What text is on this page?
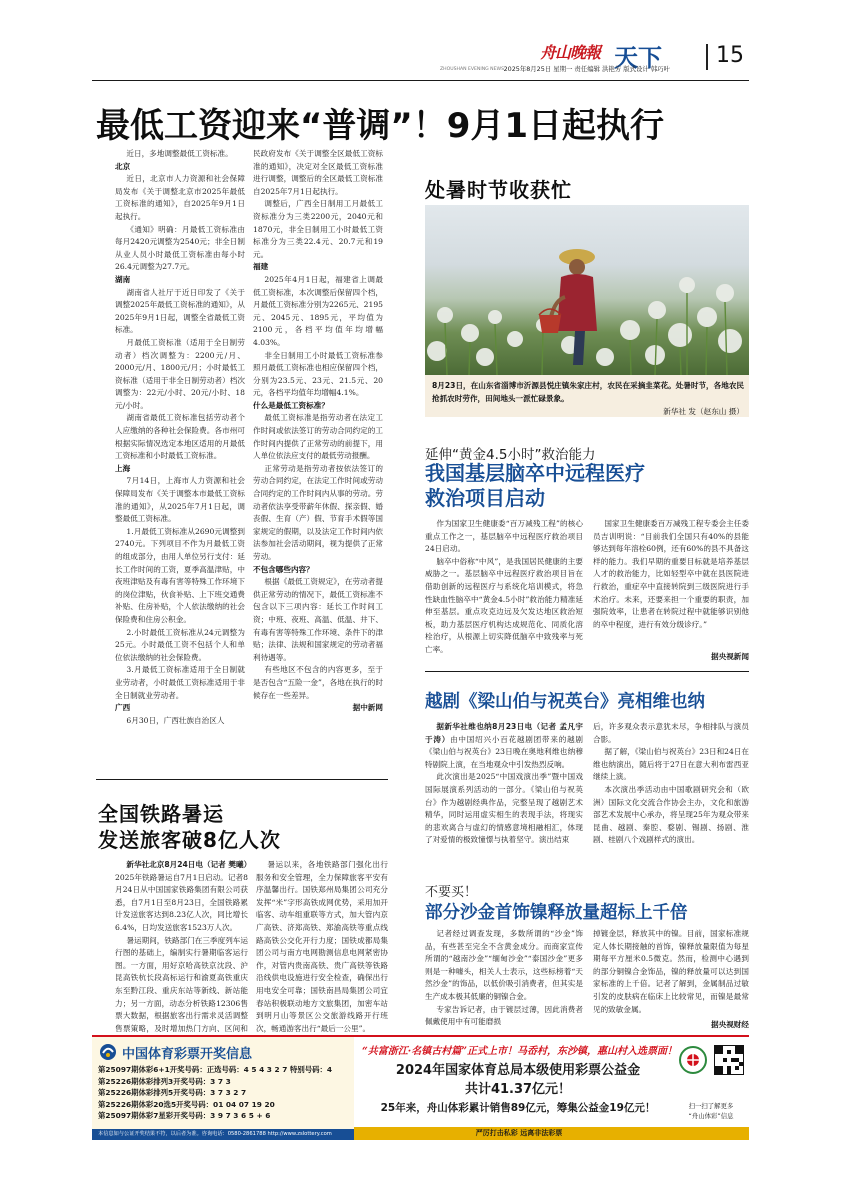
舟山晚報
ZHOUSHAN EVENING NEWS	天下 15
2025年8月25日 星期一 责任编辑 洪艳芳 版式设计 韩巧叶
最低工资迎来“普调”！9月1日起执行

近日，多地调整最低工资标准。

北京

近日，北京市人力资源和社会保障局发布《关于调整北京市2025年最低工资标准的通知》，自2025年9月1日起执行。

《通知》明确：月最低工资标准由每月2420元调整为2540元；非全日制从业人员小时最低工资标准由每小时26.4元调整为27.7元。

湖南

湖南省人社厅于近日印发了《关于调整2025年最低工资标准的通知》，从2025年9月1日起，调整全省最低工资标准。

月最低工资标准（适用于全日制劳动者）档次调整为：2200元/月、2000元/月、1800元/月；小时最低工资标准（适用于非全日制劳动者）档次调整为：22元/小时、20元/小时、18元/小时。

湖南省最低工资标准包括劳动者个人应缴纳的各种社会保险费。各市州可根据实际情况选定本地区适用的月最低工资标准和小时最低工资标准。

上海

7月14日，上海市人力资源和社会保障局发布《关于调整本市最低工资标准的通知》，从2025年7月1日起，调整最低工资标准。

1.月最低工资标准从2690元调整到2740元。下列项目不作为月最低工资的组成部分，由用人单位另行支付：延长工作时间的工资，夏季高温津贴，中夜班津贴及有毒有害等特殊工作环境下的岗位津贴，伙食补贴、上下班交通费补贴、住房补贴，个人依法缴纳的社会保险费和住房公积金。

2.小时最低工资标准从24元调整为25元。小时最低工资不包括个人和单位依法缴纳的社会保险费。

3.月最低工资标准适用于全日制就业劳动者，小时最低工资标准适用于非全日制就业劳动者。

广西

6月30日，广西壮族自治区人

民政府发布《关于调整全区最低工资标准的通知》，决定对全区最低工资标准进行调整，调整后的全区最低工资标准自2025年7月1日起执行。

调整后，广西全日制用工月最低工资标准分为三类2200元，2040元和1870元，非全日制用工小时最低工资标准分为三类22.4元、20.7元和19元。

福建

2025年4月1日起，福建省上调最低工资标准，本次调整后保留四个档，月最低工资标准分别为2265元、2195元、2045元、1895元，平均值为2100元，各档平均值年均增幅4.03%。

非全日制用工小时最低工资标准参照月最低工资标准也相应保留四个档，分别为23.5元、23元、21.5元、20元，各档平均值年均增幅4.1%。

什么是最低工资标准？

最低工资标准是指劳动者在法定工作时间或依法签订的劳动合同约定的工作时间内提供了正常劳动的前提下，用人单位依法应支付的最低劳动报酬。

正常劳动是指劳动者按依法签订的劳动合同约定，在法定工作时间或劳动合同约定的工作时间内从事的劳动。劳动者依法享受带薪年休假、探亲假、婚丧假、生育（产）假、节育手术假等国家规定的假期，以及法定工作时间内依法参加社会活动期间，视为提供了正常劳动。

不包含哪些内容？

根据《最低工资规定》，在劳动者提供正常劳动的情况下，最低工资标准不包含以下三项内容：延长工作时间工资；中班、夜班、高温、低温、井下、有毒有害等特殊工作环境、条件下的津贴；法律、法规和国家规定的劳动者福利待遇等。

有些地区不包含的内容更多，至于是否包含“五险一金”，各地在执行的时候存在一些差异。

据中新网
处暑时节收获忙
8月23日，在山东省淄博市沂源县悦庄镇朱家庄村，农民在采摘韭菜花。处暑时节，各地农民抢抓农时劳作，田间地头一派忙碌景象。
新华社 发（赵东山 摄）
延伸“黄金4.5小时”救治能力
我国基层脑卒中远程医疗
救治项目启动

作为国家卫生健康委“百万减残工程”的核心重点工作之一，基层脑卒中远程医疗救治项目24日启动。

脑卒中俗称“中风”，是我国居民健康的主要威胁之一。基层脑卒中远程医疗救治项目旨在借助创新的远程医疗与系统化培训模式，将急性缺血性脑卒中“黄金4.5小时”救治能力精准延伸至基层。重点攻克边远及欠发达地区救治短板，助力基层医疗机构达成规范化、同质化溶栓治疗，从根源上切实降低脑卒中致残率与死亡率。

国家卫生健康委百万减残工程专委会主任委员吉训明说：“目前我们全国只有40%的县能够达到每年溶栓60例，还有60%的县不具备这样的能力。我们早期的重要目标就是培养基层人才的救治能力，比如轻型卒中就在县医院进行救治，重症卒中直接转院到三级医院进行手术治疗。未来，还要来担一个重要的职责，加强院效率，让患者在转院过程中就能够识别他的卒中程度，进行有效分级诊疗。”

据央视新闻
越剧《梁山伯与祝英台》亮相维也纳

据新华社维也纳8月23日电（记者 孟凡宇 于涛）由中国绍兴小百花越剧团带来的越剧《梁山伯与祝英台》23日晚在奥地利维也纳穆特剧院上演，在当地观众中引发热烈反响。

此次演出是2025“中国戏演出季”暨中国戏国际展演系列活动的一部分。《梁山伯与祝英台》作为越剧经典作品，完整呈现了越剧艺术精华，同时运用虚实相生的表现手法，将现实的悲欢离合与虚幻的情感意境相融相汇，体现了对爱情的极致憧憬与执着坚守。演出结束

后，许多观众表示意犹未尽，争相排队与演员合影。

据了解，《梁山伯与祝英台》23日和24日在维也纳演出，随后将于27日在意大利布雷西亚继续上演。

本次演出季活动由中国歌剧研究会和（欧洲）国际文化交流合作协会主办，文化和旅游部艺术发展中心承办，将呈现25年为观众带来昆曲、越剧、秦腔、婺剧、锡剧、扬剧、淮剧、桂剧八个戏剧样式的演出。

全国铁路暑运
发送旅客破8亿人次

新华社北京8月24日电（记者 樊曦）2025年铁路暑运自7月1日启动。记者8月24日从中国国家铁路集团有限公司获悉，自7月1日至8月23日，全国铁路累计发送旅客达到8.23亿人次，同比增长6.4%，日均发送旅客1523万人次。

暑运期间，铁路部门在三季度列车运行图的基础上，编制实行暑期临客运行图。一方面，用好京哈高铁京沈段、沪昆高铁杭长段高标运行和渝夏高铁重庆东至黔江段、重庆东站等新线、新站能力；另一方面，动态分析铁路12306售票大数据，根据旅客出行需求灵活调整售票策略，及时增加热门方向、区间和

暑运以来，各地铁路部门强化出行服务和安全管理，全力保障旅客平安有序温馨出行。国铁郑州局集团公司充分发挥“米”字形高铁成网优势，采用加开临客、动车组重联等方式，加大管内京广高铁、济郑高铁、郑渝高铁等重点线路高铁公交化开行力度；国铁成都局集团公司与南方电网勘测信息电网紧密协作，对管内贵南高铁、贵广高铁等铁路沿线供电设施进行安全检查，确保出行用电安全可靠；国铁南昌局集团公司宜春站积极联动地方文旅集团，加密车站到明月山等景区公交旅游线路开行班次，畅通游客出行“最后一公里”。

不要买！
部分沙金首饰镍释放量超标上千倍

记者经过调查发现，多数所谓的“沙金”饰品，有些甚至完全不含黄金成分。而商家宣传所谓的“越南沙金”“缅甸沙金”“泰国沙金”更多则是一种噱头，相关人士表示，这些标榜着“天然沙金”的饰品，以低价吸引消费者，但其实是生产成本极其低廉的铜镍合金。

专家告诉记者，由于镀层过薄，因此消费者佩戴使用中有可能磨损

掉镀金层，释放其中的镍。目前，国家标准规定人体长期接触的首饰，镍释放量限值为每星期每平方厘米0.5微克。然而，检测中心遇到的部分铜镍合金饰品，镍的释放量可以达到国家标准的上千倍。记者了解到，金属制品过敏引发的皮肤病在临床上比较常见，而镍是最常见的致敏金属。

据央视财经
中国体育彩票开奖信息
第25097期体彩6+1开奖号码：正选号码：4 5 4 3 2 7 特别号码：4
第25226期体彩排列3开奖号码：3 7 3
第25226期体彩排列5开奖号码：3 7 3 2 7
第25226期体彩20选5开奖号码：01 04 07 19 20
第25097期体彩7星彩开奖号码：3 9 7 3 6 5 + 6
本信息如与公证开奖结果不符，以后者为准。咨询电话：0580-2861788 http://www.zslottery.com
“共富浙江·名镇古村篇”正式上市！马岙村，东沙镇，惠山村入选票面！
2024年国家体育总局本级使用彩票公益金
共计41.37亿元！
25年来，舟山体彩累计销售89亿元，筹集公益金19亿元！
严厉打击私彩 远离非法彩票
扫一扫了解更多
“舟山体彩”信息
